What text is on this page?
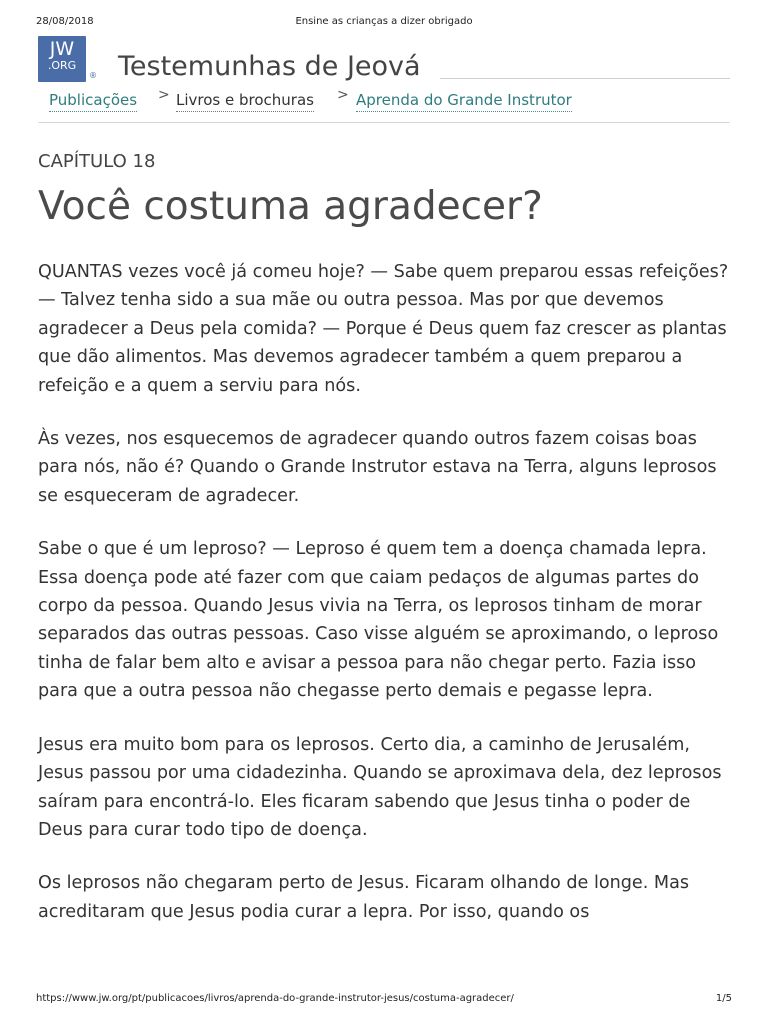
28/08/2018	Ensine as crianças a dizer obrigado
JW
.ORG
® Testemunhas de Jeová
Publicações > Livros e brochuras > Aprenda do Grande Instrutor
CAPÍTULO 18
Você costuma agradecer?

QUANTAS vezes você já comeu hoje? — Sabe quem preparou essas refeições? — Talvez tenha sido a sua mãe ou outra pessoa. Mas por que devemos agradecer a Deus pela comida? — Porque é Deus quem faz crescer as plantas que dão alimentos. Mas devemos agradecer também a quem preparou a refeição e a quem a serviu para nós.

Às vezes, nos esquecemos de agradecer quando outros fazem coisas boas para nós, não é? Quando o Grande Instrutor estava na Terra, alguns leprosos se esqueceram de agradecer.

Sabe o que é um leproso? — Leproso é quem tem a doença chamada lepra. Essa doença pode até fazer com que caiam pedaços de algumas partes do corpo da pessoa. Quando Jesus vivia na Terra, os leprosos tinham de morar separados das outras pessoas. Caso visse alguém se aproximando, o leproso tinha de falar bem alto e avisar a pessoa para não chegar perto. Fazia isso para que a outra pessoa não chegasse perto demais e pegasse lepra.

Jesus era muito bom para os leprosos. Certo dia, a caminho de Jerusalém, Jesus passou por uma cidadezinha. Quando se aproximava dela, dez leprosos saíram para encontrá-lo. Eles ficaram sabendo que Jesus tinha o poder de Deus para curar todo tipo de doença.

Os leprosos não chegaram perto de Jesus. Ficaram olhando de longe. Mas acreditaram que Jesus podia curar a lepra. Por isso, quando os

https://www.jw.org/pt/publicacoes/livros/aprenda-do-grande-instrutor-jesus/costuma-agradecer/	1/5
